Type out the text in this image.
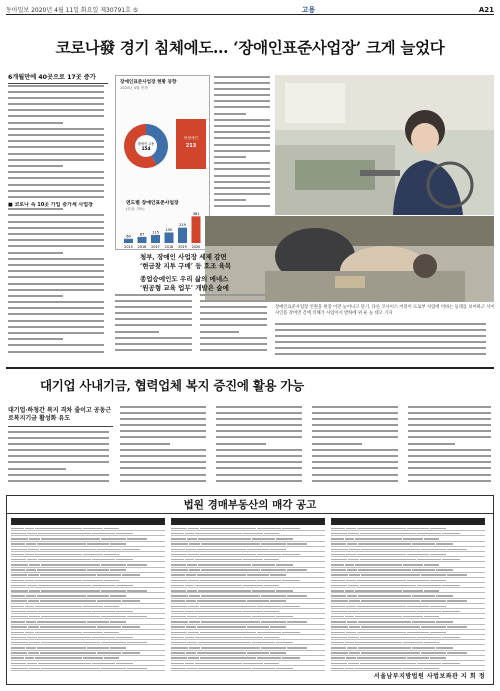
동아일보 2020년 4월 11일 화요일 제30791호 ⑤	고용	A21
코로나發 경기 침체에도… ‘장애인표준사업장’ 크게 늘었다
6개월만에 40곳으로 17곳 증가
■ 코로나 속 10곳 가입 증가세 사업장
장애인표준사업장 현황 동향
2020년 4월 현재
장애인 고용
154
비장애인
213
연도별 장애인표준사업장
(단위: 개소)
60
2015
87
2016
115
2017
150
2018
219
2019
381
2020
청부, 장애인 사업장 세제 감면
‘현금찾 지투 구매’ 등 호조 육목
종업승에인도 우리 삶의 에네스
‘원공형 교육 업무’ 개발은 숲에
장애인표준사업장 인원을 현장 이란 눌어나고 단기. 다른 코사이스 어려이 뜨로부 사업에 비바는 등래를 보여하고 사이 사인용 강버면 간에 의해가 사업이서 발하에 위 운 눈 대고 기자
대기업 사내기금, 협력업체 복지 증진에 활용 가능
대기업·하청간 복지 격차 줄이고 공동근로복지기금 활성화 유도
법원 경매부동산의 매각 공고
서울남부지방법원 사법보좌관 지 희 정
